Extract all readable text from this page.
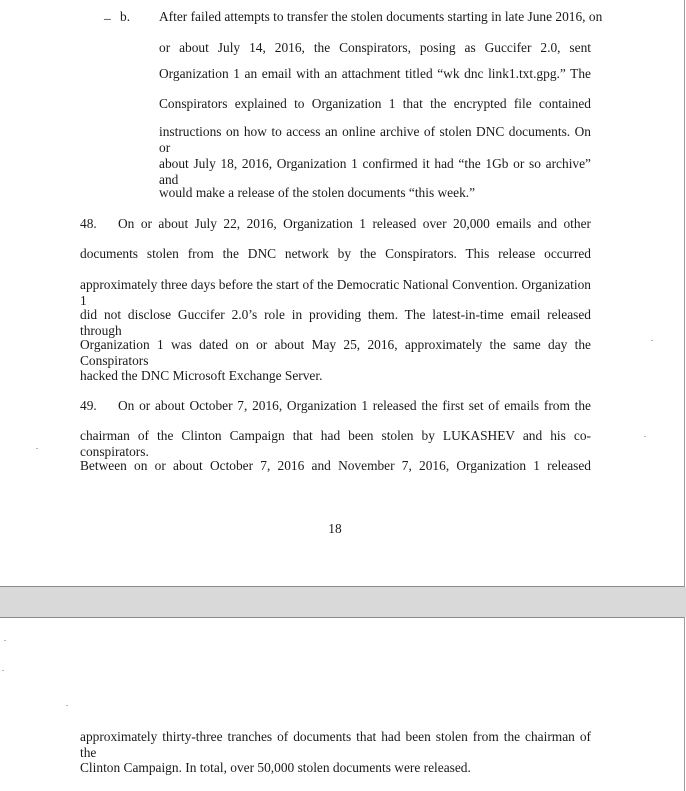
_ b. After failed attempts to transfer the stolen documents starting in late June 2016, on
or about July 14, 2016, the Conspirators, posing as Guccifer 2.0, sent
Organization 1 an email with an attachment titled “wk dnc link1.txt.gpg.” The
Conspirators explained to Organization 1 that the encrypted file contained
instructions on how to access an online archive of stolen DNC documents. On or
about July 18, 2016, Organization 1 confirmed it had “the 1Gb or so archive” and
would make a release of the stolen documents “this week.”
48. On or about July 22, 2016, Organization 1 released over 20,000 emails and other
documents stolen from the DNC network by the Conspirators. This release occurred
approximately three days before the start of the Democratic National Convention. Organization 1
did not disclose Guccifer 2.0’s role in providing them. The latest-in-time email released through
Organization 1 was dated on or about May 25, 2016, approximately the same day the Conspirators
hacked the DNC Microsoft Exchange Server.
49. On or about October 7, 2016, Organization 1 released the first set of emails from the
chairman of the Clinton Campaign that had been stolen by LUKASHEV and his co-conspirators.
Between on or about October 7, 2016 and November 7, 2016, Organization 1 released
18
approximately thirty-three tranches of documents that had been stolen from the chairman of the
Clinton Campaign. In total, over 50,000 stolen documents were released.
